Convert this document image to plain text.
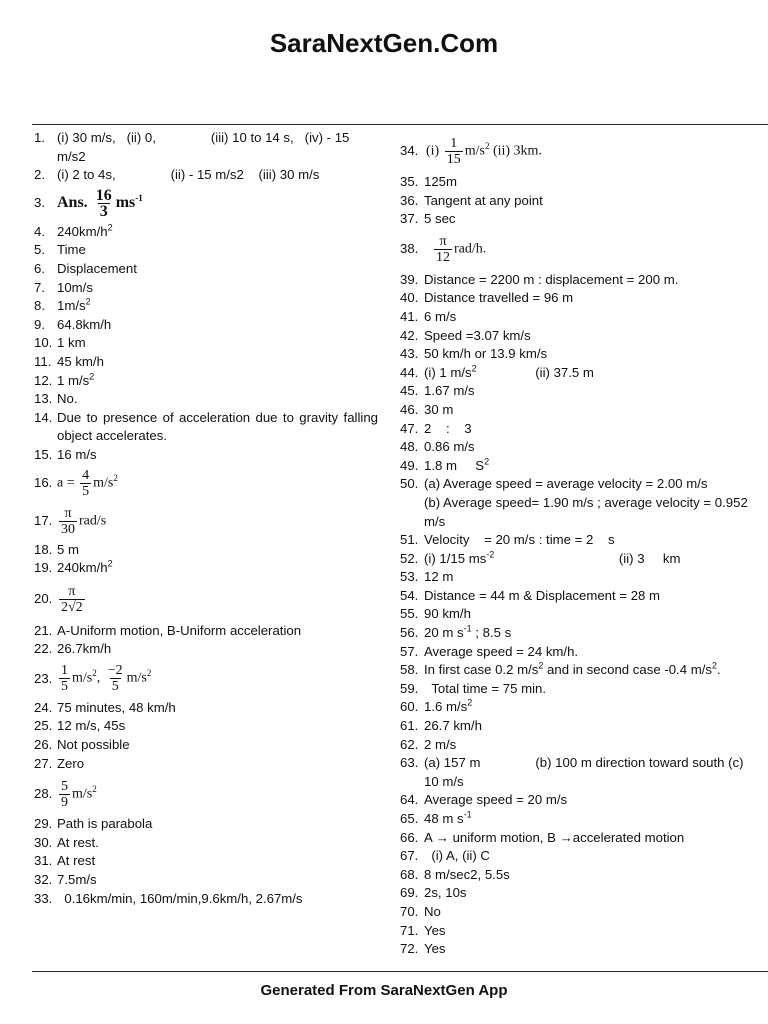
SaraNextGen.Com
1. (i) 30 m/s,   (ii) 0,               (iii) 10 to 14 s,   (iv) - 15 m/s2
2. (i) 2 to 4s,               (ii) - 15 m/s2    (iii) 30 m/s
3. Ans. $\frac{16}{3} ms^{-1}$
4. $240km/h^2$
5. Time
6. Displacement
7. 10m/s
8. $1m/s^2$
9. 64.8km/h
10. 1 km
11. 45 km/h
12. 1 $m/s^2$
13. No.
14. Due to presence of acceleration due to gravity falling object accelerates.
15. 16 m/s
16. $a = \frac{4}{5} m/s^2$
17. $\frac{\pi}{30} rad/s$
18. 5 m
19. $240km/h^2$
20. $\frac{\pi}{2√2}$
21. A-Uniform motion, B-Uniform acceleration
22. 26.7km/h
23. $\frac{1}{5} m/s^2$, $\frac{-2}{5} m/s^2$
24. 75 minutes, 48 km/h
25. 12 m/s, 45s
26. Not possible
27. Zero
28. $\frac{5}{9} m/s^2$
29. Path is parabola
30. At rest.
31. At rest
32. 7.5m/s
33. 0.16km/min, 160m/min,9.6km/h, 2.67m/s
34. $(i) \frac{1}{15} m/s^2$ (ii) 3km.
35. 125m
36. Tangent at any point
37. 5 sec
38.	$\frac{\pi}{12} rad/h$.
39. Distance = 2200 m : displacement = 200 m.
40. Distance travelled = 96 m
41. 6 m/s
42. Speed =3.07 km/s
43. 50 km/h or 13.9 km/s
44. (i) 1 $m/s^2$                (ii) 37.5 m
45. 1.67 m/s
46. 30 m
47. 2    :    3
48. 0.86 m/s
49. 1.8 m     $S^2$
50. (a) Average speed = average velocity = 2.00 m/s
(b) Average speed= 1.90 m/s ; average velocity = 0.952 m/s
51. Velocity    = 20 m/s : time = 2    s
52. (i) 1/15 $ms^{-2}$                                  (ii) 3     km
53. 12 m
54. Distance = 44 m & Displacement = 28 m
55. 90 km/h
56. 20 m $s^{-1}$ ; 8.5 s
57. Average speed = 24 km/h.
58. In first case 0.2 $m/s^2$ and in second case -0.4 $m/s^2$.
59. Total time = 75 min.
60. 1.6 $m/s^2$
61. 26.7 km/h
62. 2 m/s
63. (a) 157 m               (b) 100 m direction toward south (c) 10 m/s
64. Average speed = 20 m/s
65. 48 m $s^{-1}$
66. A → uniform motion, B →accelerated motion
67. (i) A, (ii) C
68. 8 m/sec2, 5.5s
69. 2s, 10s
70. No
71. Yes
72. Yes
Generated From SaraNextGen App
